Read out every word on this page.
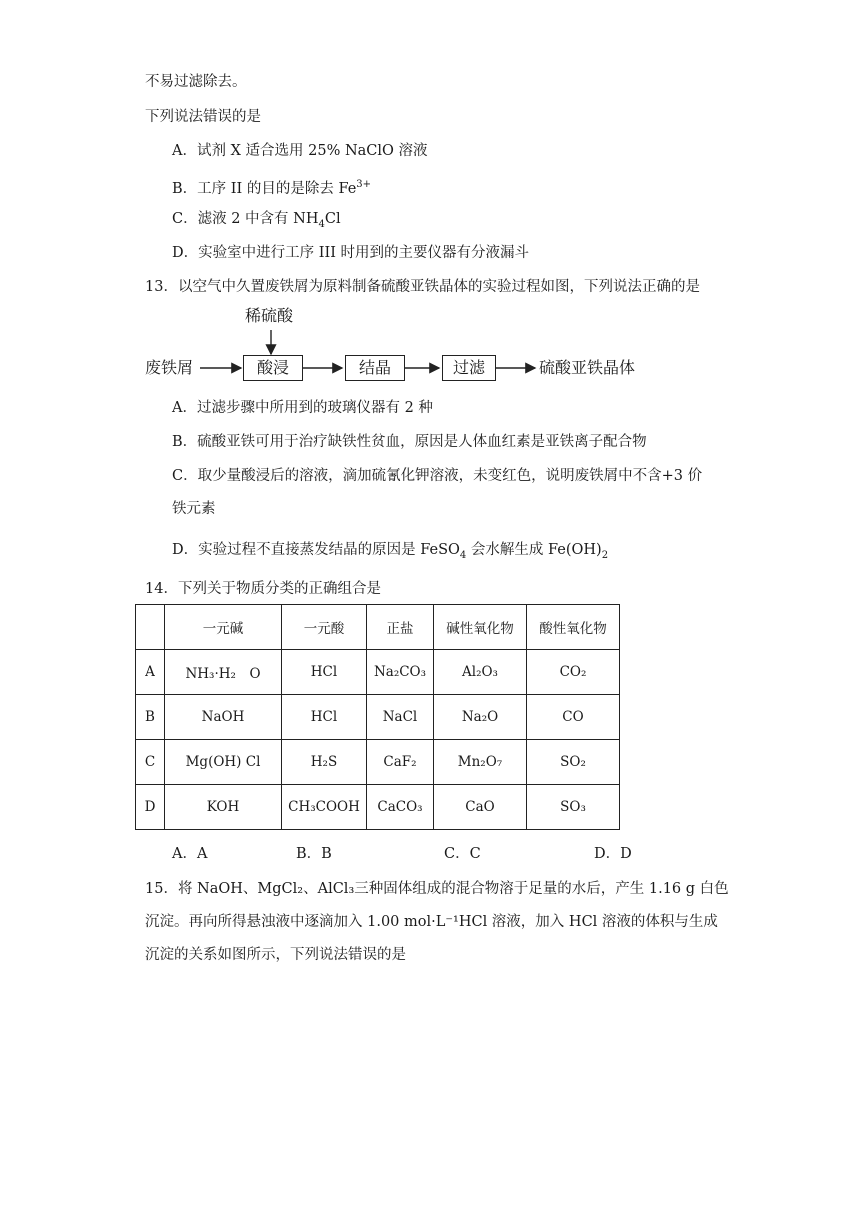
不易过滤除去。
下列说法错误的是
A．试剂 X 适合选用 25% NaClO 溶液
B．工序 II 的目的是除去 $Fe^{3+}$
C．滤液 2 中含有 $NH_4Cl$
D．实验室中进行工序 III 时用到的主要仪器有分液漏斗
13．以空气中久置废铁屑为原料制备硫酸亚铁晶体的实验过程如图，下列说法正确的是
稀硫酸
废铁屑	酸浸	结晶	过滤	硫酸亚铁晶体
A．过滤步骤中所用到的玻璃仪器有 2 种
B．硫酸亚铁可用于治疗缺铁性贫血，原因是人体血红素是亚铁离子配合物
C．取少量酸浸后的溶液，滴加硫氰化钾溶液，未变红色，说明废铁屑中不含+3 价
铁元素
D．实验过程不直接蒸发结晶的原因是 FeSO$_4$ 会水解生成 $Fe(OH)_2$
14．下列关于物质分类的正确组合是
	一元碱	一元酸	正盐	碱性氧化物	酸性氧化物
A	NH₃·H₂　O	HCl	Na₂CO₃	Al₂O₃	CO₂
B	NaOH	HCl	NaCl	Na₂O	CO
C	Mg(OH) Cl	H₂S	CaF₂	Mn₂O₇	SO₂
D	KOH	CH₃COOH	CaCO₃	CaO	SO₃
A．A	B．B	C．C	D．D
15．将 NaOH、MgCl₂、AlCl₃三种固体组成的混合物溶于足量的水后，产生 1.16 g 白色
沉淀。再向所得悬浊液中逐滴加入 1.00 mol·L⁻¹HCl 溶液，加入 HCl 溶液的体积与生成
沉淀的关系如图所示，下列说法错误的是
